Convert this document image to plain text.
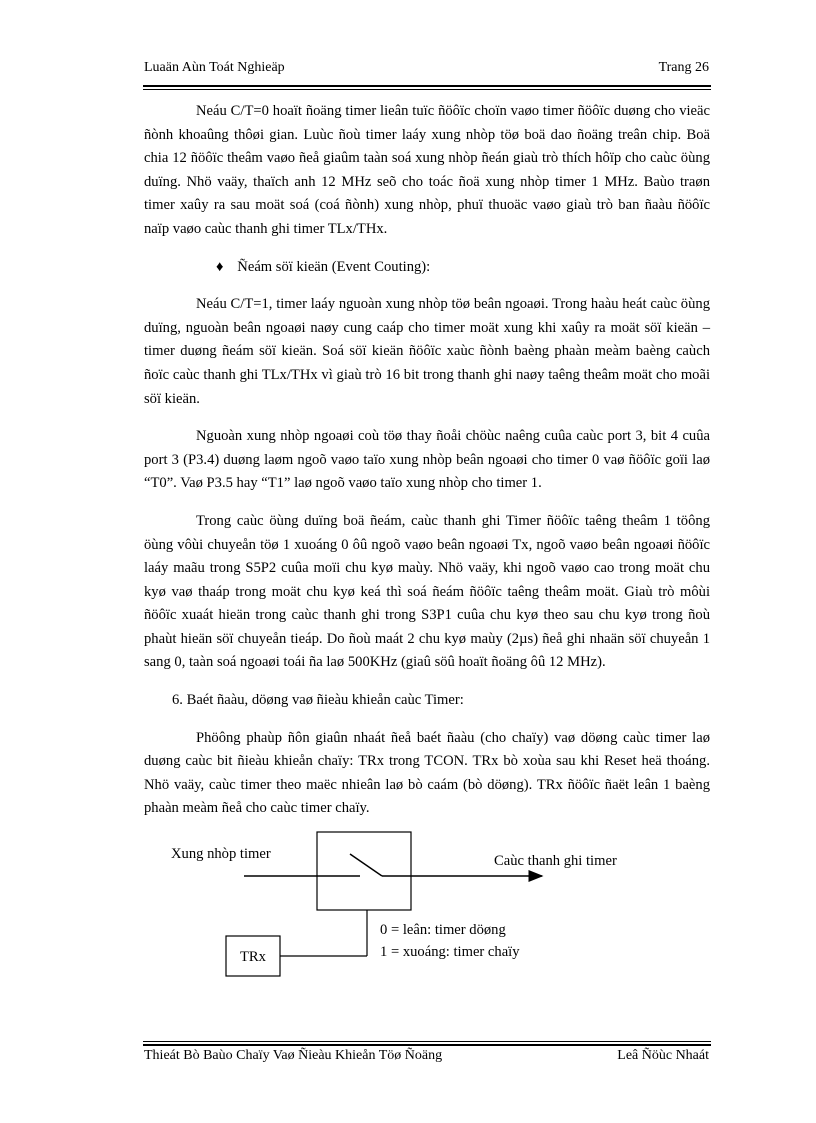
Luaän Aùn Toát Nghieäp	Trang 26

Neáu C/T=0 hoaït ñoäng timer lieân tuïc ñöôïc choïn vaøo timer ñöôïc duøng cho vieäc ñònh khoaûng thôøi gian. Luùc ñoù timer laáy xung nhòp töø boä dao ñoäng treân chip. Boä chia 12 ñöôïc theâm vaøo ñeå giaûm taàn soá xung nhòp ñeán giaù trò thích hôïp cho caùc öùng duïng. Nhö vaäy, thaïch anh 12 MHz seõ cho toác ñoä xung nhòp timer 1 MHz. Baùo traøn timer xaûy ra sau moät soá (coá ñònh) xung nhòp, phuï thuoäc vaøo giaù trò ban ñaàu ñöôïc naïp vaøo caùc thanh ghi timer TLx/THx.

♦ Ñeám söï kieän (Event Couting):

Neáu C/T=1, timer laáy nguoàn xung nhòp töø beân ngoaøi. Trong haàu heát caùc öùng duïng, nguoàn beân ngoaøi naøy cung caáp cho timer moät xung khi xaûy ra moät söï kieän – timer duøng ñeám söï kieän. Soá söï kieän ñöôïc xaùc ñònh baèng phaàn meàm baèng caùch ñoïc caùc thanh ghi TLx/THx vì giaù trò 16 bit trong thanh ghi naøy taêng theâm moät cho moãi söï kieän.

Nguoàn xung nhòp ngoaøi coù töø thay ñoåi chöùc naêng cuûa caùc port 3, bit 4 cuûa port 3 (P3.4) duøng laøm ngoõ vaøo taïo xung nhòp beân ngoaøi cho timer 0 vaø ñöôïc goïi laø “T0”. Vaø P3.5 hay “T1” laø ngoõ vaøo taïo xung nhòp cho timer 1.

Trong caùc öùng duïng boä ñeám, caùc thanh ghi Timer ñöôïc taêng theâm 1 töông öùng vôùi chuyeån töø 1 xuoáng 0 ôû ngoõ vaøo beân ngoaøi Tx, ngoõ vaøo beân ngoaøi ñöôïc laáy maãu trong S5P2 cuûa moïi chu kyø maùy. Nhö vaäy, khi ngoõ vaøo cao trong moät chu kyø vaø thaáp trong moät chu kyø keá thì soá ñeám ñöôïc taêng theâm moät. Giaù trò môùi ñöôïc xuaát hieän trong caùc thanh ghi trong S3P1 cuûa chu kyø theo sau chu kyø trong ñoù phaùt hieän söï chuyeån tieáp. Do ñoù maát 2 chu kyø maùy (2µs) ñeå ghi nhaän söï chuyeån 1 sang 0, taàn soá ngoaøi toái ña laø 500KHz (giaû söû hoaït ñoäng ôû 12 MHz).

6. Baét ñaàu, döøng vaø ñieàu khieån caùc Timer:

Phöông phaùp ñôn giaûn nhaát ñeå baét ñaàu (cho chaïy) vaø döøng caùc timer laø duøng caùc bit ñieàu khieån chaïy: TRx trong TCON. TRx bò xoùa sau khi Reset heä thoáng. Nhö vaäy, caùc timer theo maëc nhieân laø bò caám (bò döøng). TRx ñöôïc ñaët leân 1 baèng phaàn meàm ñeå cho caùc timer chaïy.

Xung nhòp timer	Caùc thanh ghi timer
TRx
0 = leân: timer döøng
1 = xuoáng: timer chaïy
Thieát Bò Baùo Chaïy Vaø Ñieàu Khieån Töø Ñoäng	Leâ Ñöùc Nhaát
